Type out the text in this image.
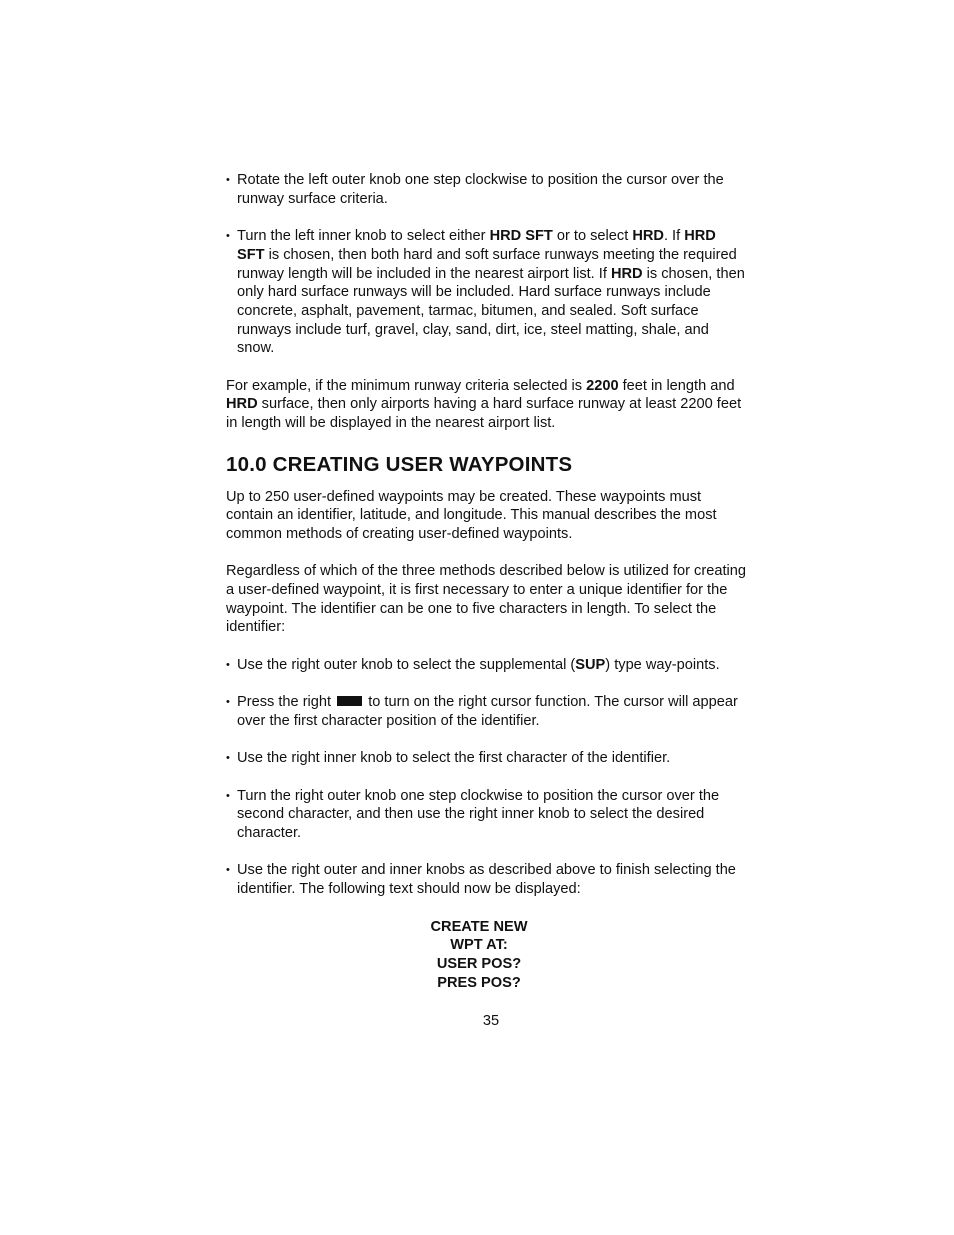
• Rotate the left outer knob one step clockwise to position the cursor over the runway surface criteria.
• Turn the left inner knob to select either HRD SFT or to select HRD. If HRD SFT is chosen, then both hard and soft surface runways meeting the required runway length will be included in the nearest airport list. If HRD is chosen, then only hard surface runways will be included. Hard surface runways include concrete, asphalt, pavement, tarmac, bitumen, and sealed. Soft surface runways include turf, gravel, clay, sand, dirt, ice, steel matting, shale, and snow.

For example, if the minimum runway criteria selected is 2200 feet in length and HRD surface, then only airports having a hard surface runway at least 2200 feet in length will be displayed in the nearest airport list.

10.0 CREATING USER WAYPOINTS

Up to 250 user-defined waypoints may be created. These waypoints must contain an identifier, latitude, and longitude. This manual describes the most common methods of creating user-defined waypoints.

Regardless of which of the three methods described below is utilized for creating a user-defined waypoint, it is first necessary to enter a unique identifier for the waypoint. The identifier can be one to five characters in length. To select the identifier:

• Use the right outer knob to select the supplemental (SUP) type way-points.
• Press the right  to turn on the right cursor function. The cursor will appear over the first character position of the identifier.
• Use the right inner knob to select the first character of the identifier.
• Turn the right outer knob one step clockwise to position the cursor over the second character, and then use the right inner knob to select the desired character.
• Use the right outer and inner knobs as described above to finish selecting the identifier. The following text should now be displayed:
CREATE NEW
WPT AT:
USER POS?
PRES POS?
35
